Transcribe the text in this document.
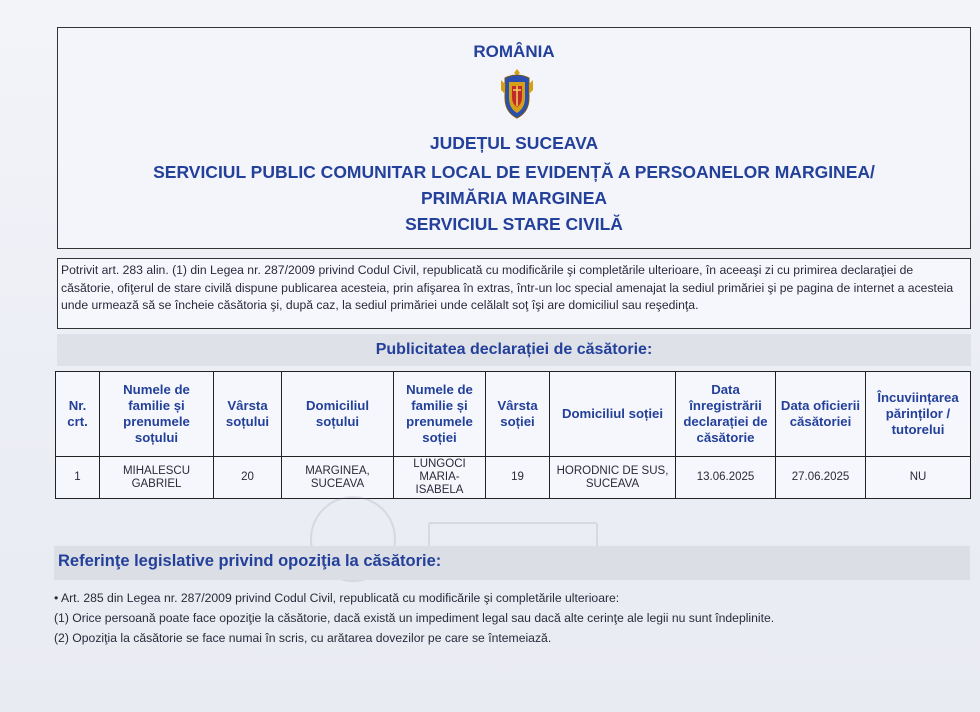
ROMÂNIA
JUDEȚUL SUCEAVA
SERVICIUL PUBLIC COMUNITAR LOCAL DE EVIDENȚĂ A PERSOANELOR MARGINEA/
PRIMĂRIA MARGINEA
SERVICIUL STARE CIVILĂ
Potrivit art. 283 alin. (1) din Legea nr. 287/2009 privind Codul Civil, republicată cu modificările şi completările ulterioare, în aceeaşi zi cu primirea declaraţiei de căsătorie, ofiţerul de stare civilă dispune publicarea acesteia, prin afişarea în extras, într-un loc special amenajat la sediul primăriei şi pe pagina de internet a acesteia unde urmează să se încheie căsătoria şi, după caz, la sediul primăriei unde celălalt soţ îşi are domiciliul sau reşedinţa.
Publicitatea declarației de căsătorie:
Nr. crt.	Numele de familie și prenumele soțului	Vârsta soțului	Domiciliul soțului	Numele de familie și prenumele soției	Vârsta soției	Domiciliul soției	Data înregistrării declarației de căsătorie	Data oficierii căsătoriei	Încuviințarea părinților / tutorelui
1	MIHALESCU GABRIEL	20	MARGINEA, SUCEAVA	LUNGOCI MARIA-ISABELA	19	HORODNIC DE SUS, SUCEAVA	13.06.2025	27.06.2025	NU
Referinţe legislative privind opoziţia la căsătorie:
• Art. 285 din Legea nr. 287/2009 privind Codul Civil, republicată cu modificările şi completările ulterioare:
(1) Orice persoană poate face opoziţie la căsătorie, dacă există un impediment legal sau dacă alte cerinţe ale legii nu sunt îndeplinite.
(2) Opoziţia la căsătorie se face numai în scris, cu arătarea dovezilor pe care se întemeiază.
